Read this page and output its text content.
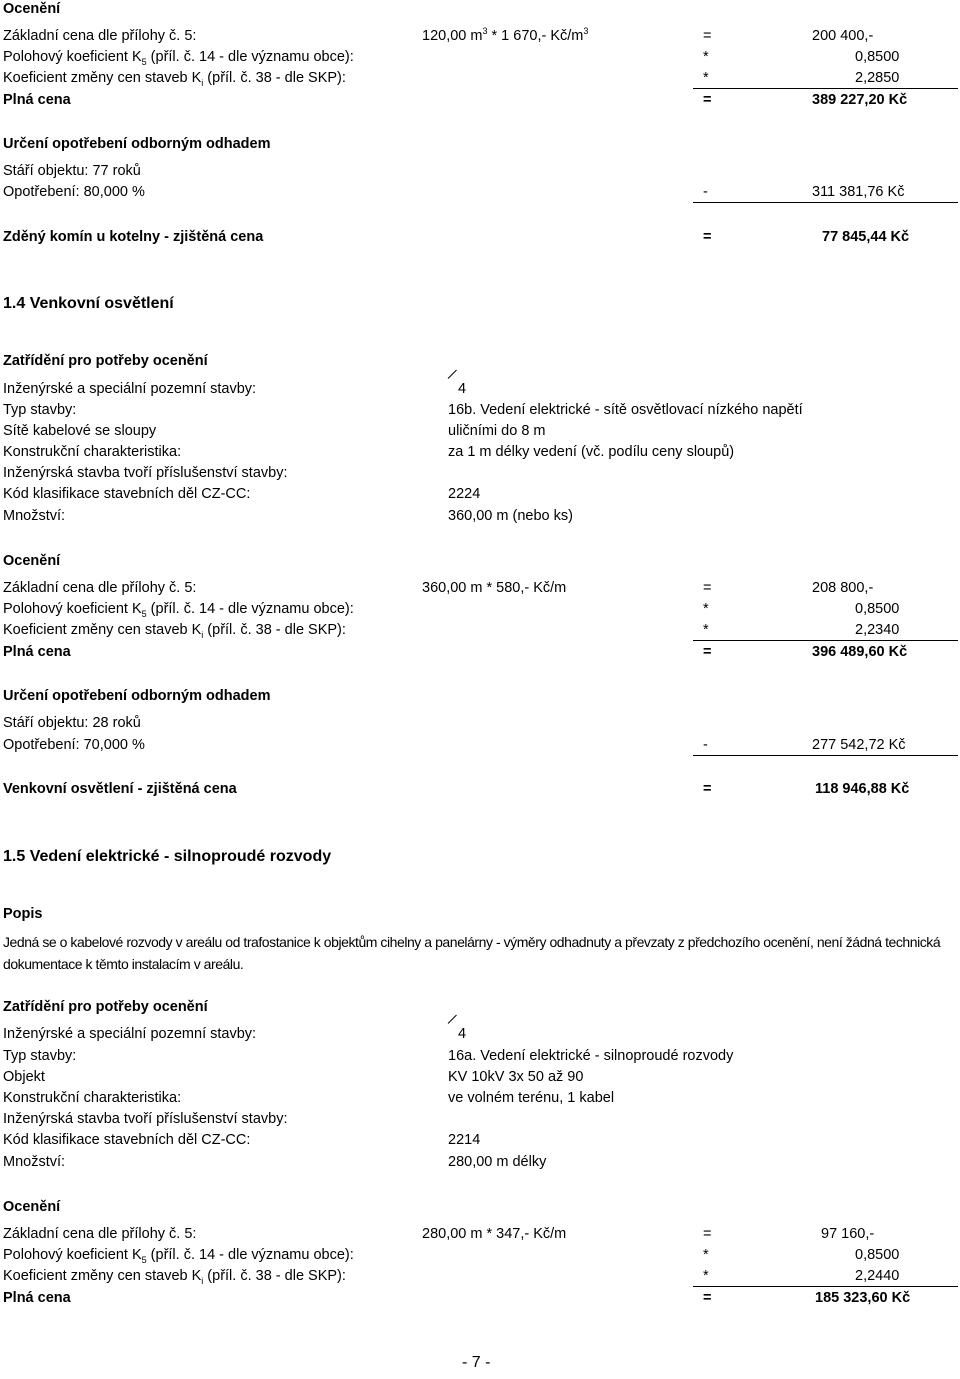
Ocenění
Základní cena dle přílohy č. 5:	120,00 $m^3 * 1$ 670,- $Kč/m^3$	=	200 400,-
Polohový koeficient $K_5$ (příl. č. 14 - dle významu obce):	*	0,8500
Koeficient změny cen staveb $K_i$ (příl. č. 38 - dle SKP):	*	2,2850
Plná cena	=	389 227,20 Kč
Určení opotřebení odborným odhadem
Stáří objektu: 77 roků
Opotřebení: 80,000 %	-	311 381,76 Kč
Zděný komín u kotelny - zjištěná cena	=	77 845,44 Kč
1.4 Venkovní osvětlení
Zatřídění pro potřeby ocenění
Inženýrské a speciální pozemní stavby:	4
Typ stavby:	16b. Vedení elektrické - sítě osvětlovací nízkého napětí
Sítě kabelové se sloupy	uličními do 8 m
Konstrukční charakteristika:	za 1 m délky vedení (vč. podílu ceny sloupů)
Inženýrská stavba tvoří příslušenství stavby:
Kód klasifikace stavebních děl CZ-CC:	2224
Množství:	360,00 m (nebo ks)
Ocenění
Základní cena dle přílohy č. 5:	360,00 m * 580,- Kč/m	=	208 800,-
Polohový koeficient $K_5$ (příl. č. 14 - dle významu obce):	*	0,8500
Koeficient změny cen staveb $K_i$ (příl. č. 38 - dle SKP):	*	2,2340
Plná cena	=	396 489,60 Kč
Určení opotřebení odborným odhadem
Stáří objektu: 28 roků
Opotřebení: 70,000 %	-	277 542,72 Kč
Venkovní osvětlení - zjištěná cena	=	118 946,88 Kč
1.5 Vedení elektrické - silnoproudé rozvody
Popis
Jedná se o kabelové rozvody v areálu od trafostanice k objektům cihelny a panelárny - výměry odhadnuty a převzaty z předchozího ocenění, není žádná technická dokumentace k těmto instalacím v areálu.
Zatřídění pro potřeby ocenění
Inženýrské a speciální pozemní stavby:	4
Typ stavby:	16a. Vedení elektrické - silnoproudé rozvody
Objekt	KV 10kV 3x 50 až 90
Konstrukční charakteristika:	ve volném terénu, 1 kabel
Inženýrská stavba tvoří příslušenství stavby:
Kód klasifikace stavebních děl CZ-CC:	2214
Množství:	280,00 m délky
Ocenění
Základní cena dle přílohy č. 5:	280,00 m * 347,- Kč/m	=	97 160,-
Polohový koeficient $K_5$ (příl. č. 14 - dle významu obce):	*	0,8500
Koeficient změny cen staveb $K_i$ (příl. č. 38 - dle SKP):	*	2,2440
Plná cena	=	185 323,60 Kč
- 7 -
